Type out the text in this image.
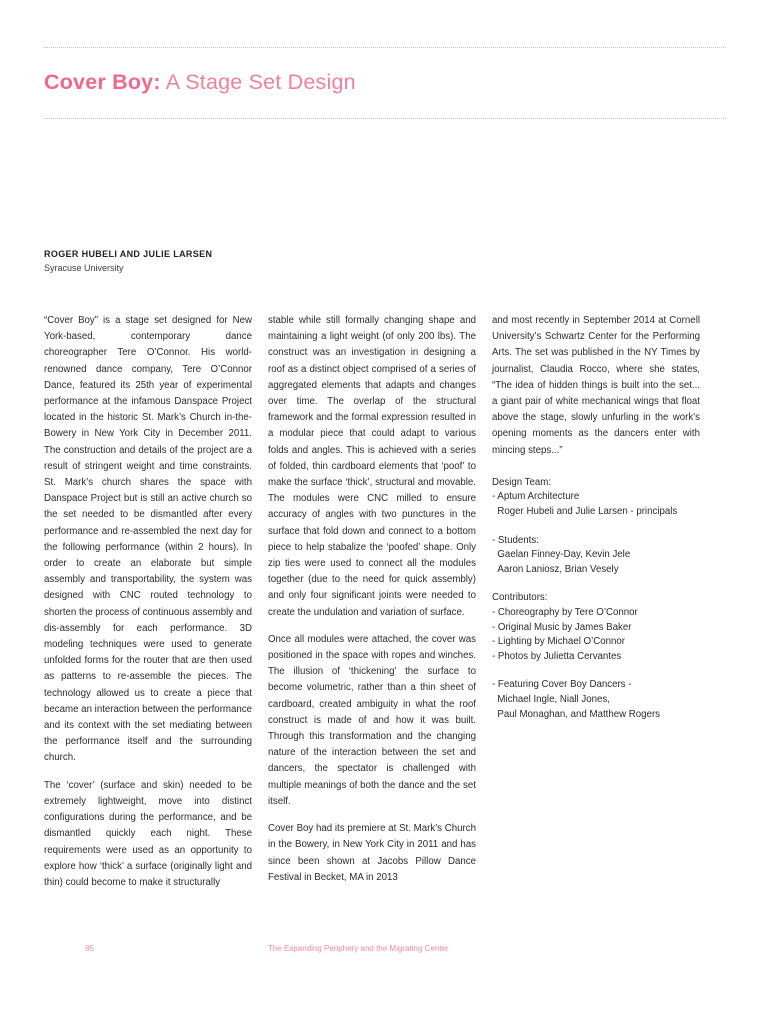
Cover Boy: A Stage Set Design
ROGER HUBELI AND JULIE LARSEN
Syracuse University

“Cover Boy” is a stage set designed for New York-based, contemporary dance choreographer Tere O’Connor. His world-renowned dance company, Tere O’Connor Dance, featured its 25th year of experimental performance at the infamous Danspace Project located in the historic St. Mark’s Church in-the-Bowery in New York City in December 2011. The construction and details of the project are a result of stringent weight and time constraints. St. Mark’s church shares the space with Danspace Project but is still an active church so the set needed to be dismantled after every performance and re-assembled the next day for the following performance (within 2 hours). In order to create an elaborate but simple assembly and transportability, the system was designed with CNC routed technology to shorten the process of continuous assembly and dis-assembly for each performance. 3D modeling techniques were used to generate unfolded forms for the router that are then used as patterns to re-assemble the pieces. The technology allowed us to create a piece that became an interaction between the performance and its context with the set mediating between the performance itself and the surrounding church.

The ‘cover’ (surface and skin) needed to be extremely lightweight, move into distinct configurations during the performance, and be dismantled quickly each night. These requirements were used as an opportunity to explore how ‘thick’ a surface (originally light and thin) could become to make it structurally

stable while still formally changing shape and maintaining a light weight (of only 200 lbs). The construct was an investigation in designing a roof as a distinct object comprised of a series of aggregated elements that adapts and changes over time. The overlap of the structural framework and the formal expression resulted in a modular piece that could adapt to various folds and angles. This is achieved with a series of folded, thin cardboard elements that ‘poof’ to make the surface ‘thick’, structural and movable. The modules were CNC milled to ensure accuracy of angles with two punctures in the surface that fold down and connect to a bottom piece to help stabalize the ‘poofed’ shape. Only zip ties were used to connect all the modules together (due to the need for quick assembly) and only four significant joints were needed to create the undulation and variation of surface.

Once all modules were attached, the cover was positioned in the space with ropes and winches. The illusion of ‘thickening’ the surface to become volumetric, rather than a thin sheet of cardboard, created ambiguity in what the roof construct is made of and how it was built. Through this transformation and the changing nature of the interaction between the set and dancers, the spectator is challenged with multiple meanings of both the dance and the set itself.

Cover Boy had its premiere at St. Mark’s Church in the Bowery, in New York City in 2011 and has since been shown at Jacobs Pillow Dance Festival in Becket, MA in 2013

and most recently in September 2014 at Cornell University’s Schwartz Center for the Performing Arts. The set was published in the NY Times by journalist, Claudia Rocco, where she states, “The idea of hidden things is built into the set... a giant pair of white mechanical wings that float above the stage, slowly unfurling in the work’s opening moments as the dancers enter with mincing steps...”

Design Team:
- Aptum Architecture
Roger Hubeli and Julie Larsen - principals
- Students:
Gaelan Finney-Day, Kevin Jele
Aaron Laniosz, Brian Vesely
Contributors:
- Choreography by Tere O’Connor
- Original Music by James Baker
- Lighting by Michael O’Connor
- Photos by Julietta Cervantes
- Featuring Cover Boy Dancers -
Michael Ingle, Niall Jones,
Paul Monaghan, and Matthew Rogers
85	The Expanding Periphery and the Migrating Center
